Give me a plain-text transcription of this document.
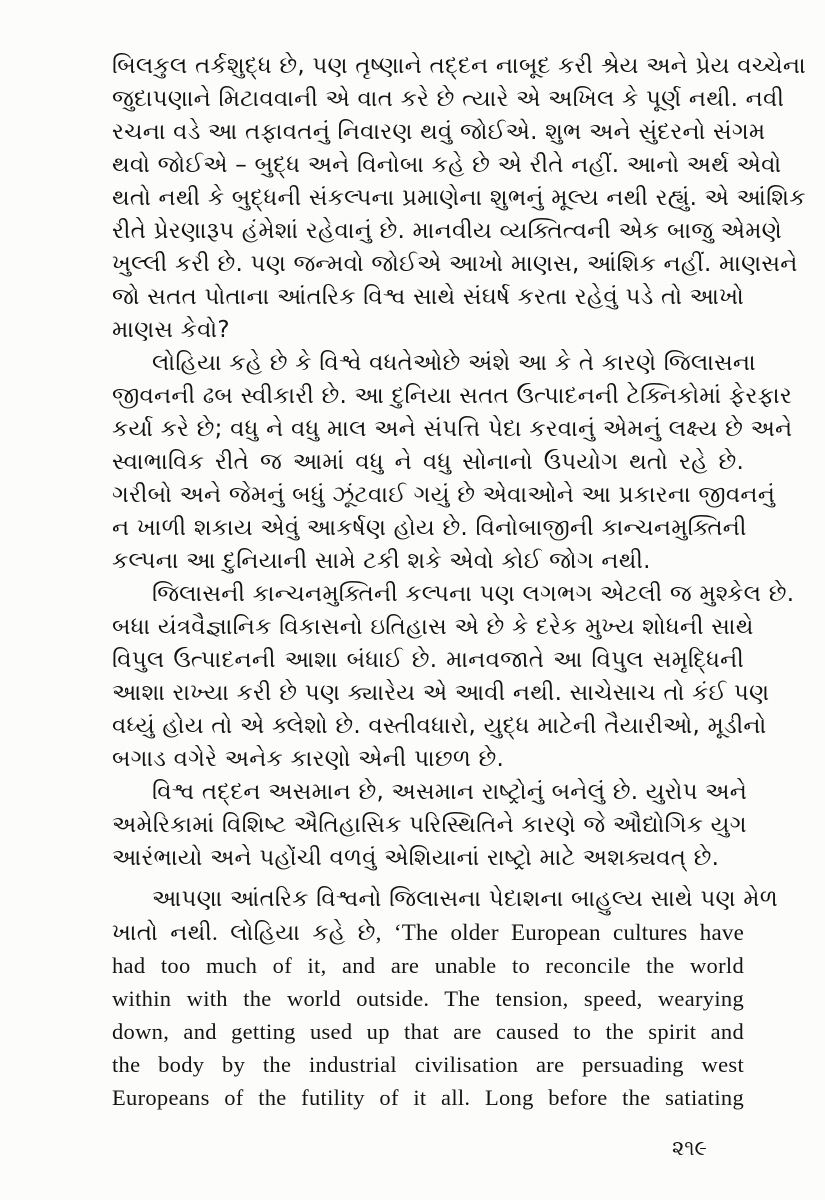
બિલકુલ તર્કશુદ્ધ છે, પણ તૃષ્ણાને તદ્દન નાબૂદ કરી શ્રેય અને પ્રેય વચ્ચેના
જુદાપણાને મિટાવવાની એ વાત કરે છે ત્યારે એ અખિલ કે પૂર્ણ નથી. નવી
રચના વડે આ તફાવતનું નિવારણ થવું જોઈએ. શુભ અને સુંદરનો સંગમ
થવો જોઈએ – બુદ્ધ અને વિનોબા કહે છે એ રીતે નહીં. આનો અર્થ એવો
થતો નથી કે બુદ્ધની સંકલ્પના પ્રમાણેના શુભનું મૂલ્ય નથી રહ્યું. એ આંશિક
રીતે પ્રેરણારૂપ હંમેશાં રહેવાનું છે. માનવીય વ્યક્તિત્વની એક બાજુ એમણે
ખુલ્લી કરી છે. પણ જન્મવો જોઈએ આખો માણસ, આંશિક નહીં. માણસને
જો સતત પોતાના આંતરિક વિશ્વ સાથે સંઘર્ષ કરતા રહેવું પડે તો આખો
માણસ કેવો?
લોહિયા કહે છે કે વિશ્વે વધતેઓછે અંશે આ કે તે કારણે જિલાસના
જીવનની ઢબ સ્વીકારી છે. આ દુનિયા સતત ઉત્પાદનની ટેક્નિકોમાં ફેરફાર
કર્યા કરે છે; વધુ ને વધુ માલ અને સંપત્તિ પેદા કરવાનું એમનું લક્ષ્ય છે અને
સ્વાભાવિક રીતે જ આમાં વધુ ને વધુ સોનાનો ઉપયોગ થતો રહે છે.
ગરીબો અને જેમનું બધું ઝૂંટવાઈ ગયું છે એવાઓને આ પ્રકારના જીવનનું
ન ખાળી શકાય એવું આકર્ષણ હોય છે. વિનોબાજીની કાન્ચનમુક્તિની
કલ્પના આ દુનિયાની સામે ટકી શકે એવો કોઈ જોગ નથી.
જિલાસની કાન્ચનમુક્તિની કલ્પના પણ લગભગ એટલી જ મુશ્કેલ છે.
બધા યંત્રવૈજ્ઞાનિક વિકાસનો ઇતિહાસ એ છે કે દરેક મુખ્ય શોધની સાથે
વિપુલ ઉત્પાદનની આશા બંધાઈ છે. માનવજાતે આ વિપુલ સમૃદ્ધિની
આશા રાખ્યા કરી છે પણ ક્યારેય એ આવી નથી. સાચેસાચ તો કંઈ પણ
વધ્યું હોય તો એ ક્લેશો છે. વસ્તીવધારો, યુદ્ધ માટેની તૈયારીઓ, મૂડીનો
બગાડ વગેરે અનેક કારણો એની પાછળ છે.
વિશ્વ તદ્દન અસમાન છે, અસમાન રાષ્ટ્રોનું બનેલું છે. યુરોપ અને
અમેરિકામાં વિશિષ્ટ ઐતિહાસિક પરિસ્થિતિને કારણે જે ઔદ્યોગિક યુગ
આરંભાયો અને પહોંચી વળવું એશિયાનાં રાષ્ટ્રો માટે અશક્યવત્ છે.
આપણા આંતરિક વિશ્વનો જિલાસના પેદાશના બાહુલ્ય સાથે પણ મેળ
ખાતો નથી. લોહિયા કહે છે, ‘The older European cultures have
had too much of it, and are unable to reconcile the world
within with the world outside. The tension, speed, wearying
down, and getting used up that are caused to the spirit and
the body by the industrial civilisation are persuading west
Europeans of the futility of it all. Long before the satiating
૨૧૯
